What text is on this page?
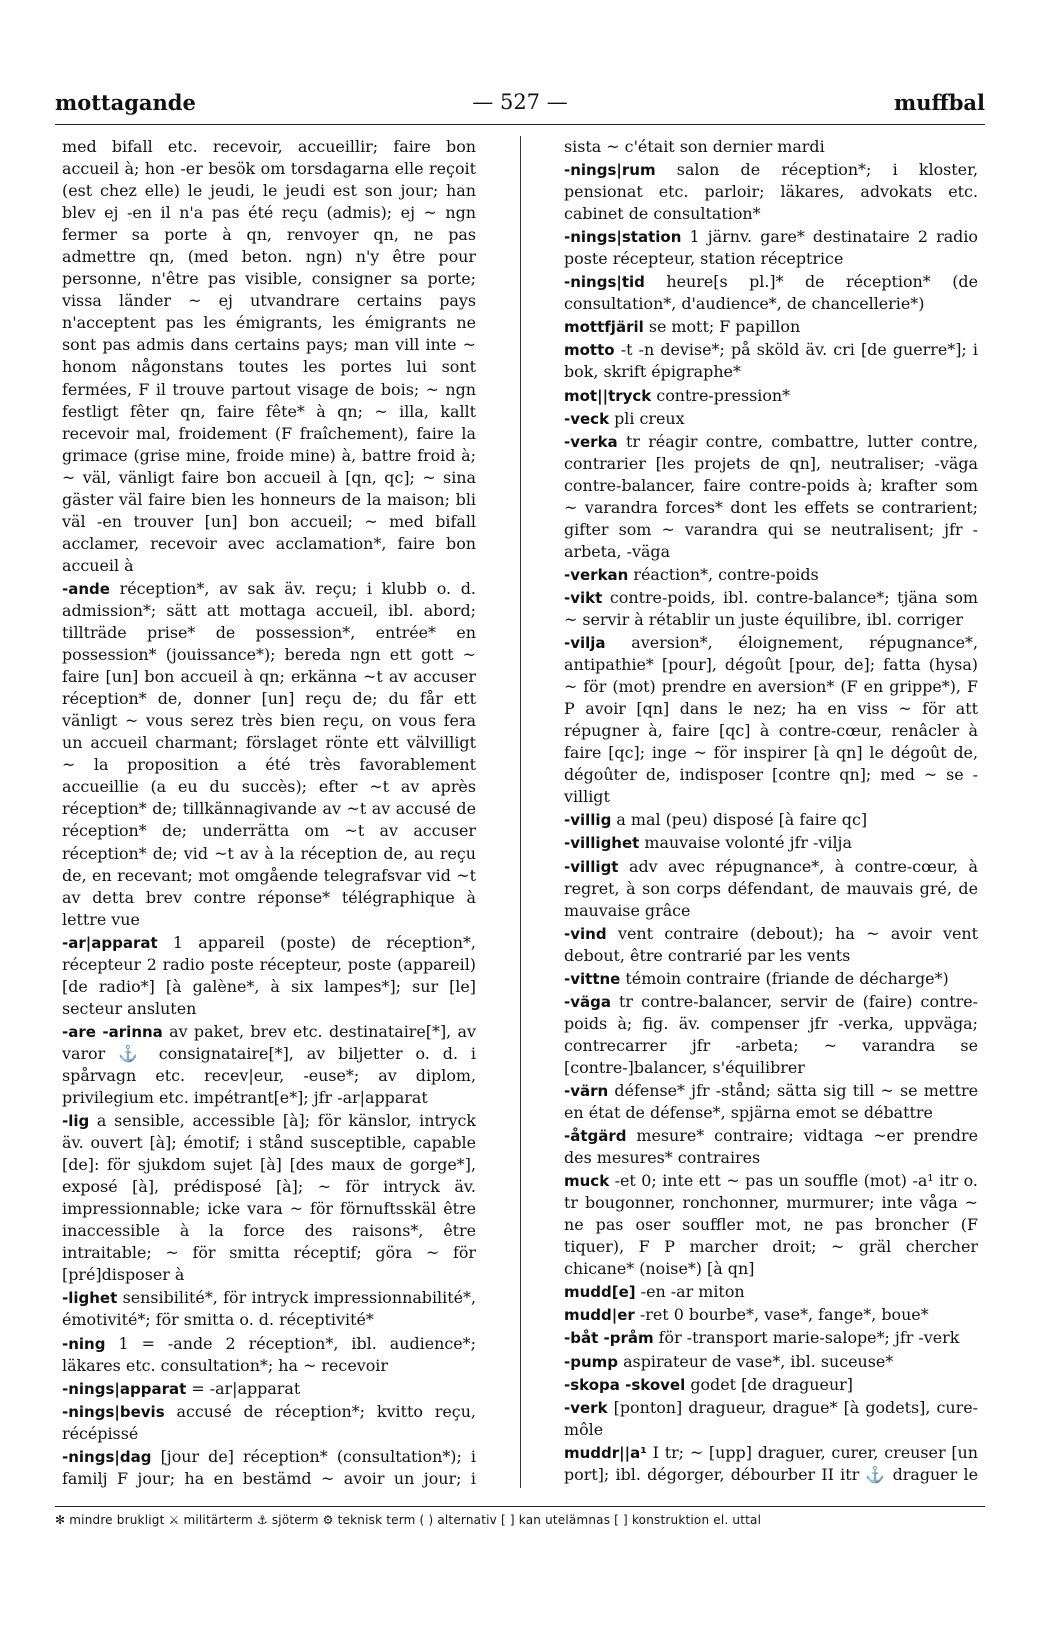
mottagande	— 527 —	muffbal

med bifall etc. recevoir, accueillir; faire bon accueil à; hon -er besök om torsdagarna elle reçoit (est chez elle) le jeudi, le jeudi est son jour; han blev ej -en il n'a pas été reçu (admis); ej ~ ngn fermer sa porte à qn, renvoyer qn, ne pas admettre qn, (med beton. ngn) n'y être pour personne, n'être pas visible, consigner sa porte; vissa länder ~ ej utvandrare certains pays n'acceptent pas les émigrants, les émigrants ne sont pas admis dans certains pays; man vill inte ~ honom någonstans toutes les portes lui sont fermées, F il trouve partout visage de bois; ~ ngn festligt fêter qn, faire fête* à qn; ~ illa, kallt recevoir mal, froidement (F fraîchement), faire la grimace (grise mine, froide mine) à, battre froid à; ~ väl, vänligt faire bon accueil à [qn, qc]; ~ sina gäster väl faire bien les honneurs de la maison; bli väl -en trouver [un] bon accueil; ~ med bifall acclamer, recevoir avec acclamation*, faire bon accueil à

-ande réception*, av sak äv. reçu; i klubb o. d. admission*; sätt att mottaga accueil, ibl. abord; tillträde prise* de possession*, entrée* en possession* (jouissance*); bereda ngn ett gott ~ faire [un] bon accueil à qn; erkänna ~t av accuser réception* de, donner [un] reçu de; du får ett vänligt ~ vous serez très bien reçu, on vous fera un accueil charmant; förslaget rönte ett välvilligt ~ la proposition a été très favorablement accueillie (a eu du succès); efter ~t av après réception* de; tillkännagivande av ~t av accusé de réception* de; underrätta om ~t av accuser réception* de; vid ~t av à la réception de, au reçu de, en recevant; mot omgående telegrafsvar vid ~t av detta brev contre réponse* télégraphique à lettre vue

-ar|apparat 1 appareil (poste) de réception*, récepteur 2 radio poste récepteur, poste (appareil) [de radio*] [à galène*, à six lampes*]; sur [le] secteur ansluten

-are -arinna av paket, brev etc. destinataire[*], av varor ⚓ consignataire[*], av biljetter o. d. i spårvagn etc. recev|eur, -euse*; av diplom, privilegium etc. impétrant[e*]; jfr -ar|apparat

-lig a sensible, accessible [à]; för känslor, intryck äv. ouvert [à]; émotif; i stånd susceptible, capable [de]: för sjukdom sujet [à] [des maux de gorge*], exposé [à], prédisposé [à]; ~ för intryck äv. impressionnable; icke vara ~ för förnuftsskäl être inaccessible à la force des raisons*, être intraitable; ~ för smitta réceptif; göra ~ för [pré]disposer à

-lighet sensibilité*, för intryck impressionnabilité*, émotivité*; för smitta o. d. réceptivité*

-ning 1 = -ande 2 réception*, ibl. audience*; läkares etc. consultation*; ha ~ recevoir

-nings|apparat = -ar|apparat

-nings|bevis accusé de réception*; kvitto reçu, récépissé

-nings|dag [jour de] réception* (consultation*); i familj F jour; ha en bestämd ~ avoir un jour; i

sista ~ c'était son dernier mardi

-nings|rum salon de réception*; i kloster, pensionat etc. parloir; läkares, advokats etc. cabinet de consultation*

-nings|station 1 järnv. gare* destinataire 2 radio poste récepteur, station réceptrice

-nings|tid heure[s pl.]* de réception* (de consultation*, d'audience*, de chancellerie*)

mottfjäril se mott; F papillon

motto -t -n devise*; på sköld äv. cri [de guerre*]; i bok, skrift épigraphe*

mot||tryck contre-pression*

-veck pli creux

-verka tr réagir contre, combattre, lutter contre, contrarier [les projets de qn], neutraliser; -väga contre-balancer, faire contre-poids à; krafter som ~ varandra forces* dont les effets se contrarient; gifter som ~ varandra qui se neutralisent; jfr -arbeta, -väga

-verkan réaction*, contre-poids

-vikt contre-poids, ibl. contre-balance*; tjäna som ~ servir à rétablir un juste équilibre, ibl. corriger

-vilja aversion*, éloignement, répugnance*, antipathie* [pour], dégoût [pour, de]; fatta (hysa) ~ för (mot) prendre en aversion* (F en grippe*), F P avoir [qn] dans le nez; ha en viss ~ för att répugner à, faire [qc] à contre-cœur, renâcler à faire [qc]; inge ~ för inspirer [à qn] le dégoût de, dégoûter de, indisposer [contre qn]; med ~ se -villigt

-villig a mal (peu) disposé [à faire qc]

-villighet mauvaise volonté jfr -vilja

-villigt adv avec répugnance*, à contre-cœur, à regret, à son corps défendant, de mauvais gré, de mauvaise grâce

-vind vent contraire (debout); ha ~ avoir vent debout, être contrarié par les vents

-vittne témoin contraire (friande de décharge*)

-väga tr contre-balancer, servir de (faire) contre-poids à; fig. äv. compenser jfr -verka, uppväga; contrecarrer jfr -arbeta; ~ varandra se [contre-]balancer, s'équilibrer

-värn défense* jfr -stånd; sätta sig till ~ se mettre en état de défense*, spjärna emot se débattre

-åtgärd mesure* contraire; vidtaga ~er prendre des mesures* contraires

muck -et 0; inte ett ~ pas un souffle (mot) -a¹ itr o. tr bougonner, ronchonner, murmurer; inte våga ~ ne pas oser souffler mot, ne pas broncher (F tiquer), F P marcher droit; ~ gräl chercher chicane* (noise*) [à qn]

mudd[e] -en -ar miton

mudd|er -ret 0 bourbe*, vase*, fange*, boue*

-båt -pråm för -transport marie-salope*; jfr -verk

-pump aspirateur de vase*, ibl. suceuse*

-skopa -skovel godet [de dragueur]

-verk [ponton] dragueur, drague* [à godets], cure-môle

muddr||a¹ I tr; ~ [upp] draguer, curer, creuser [un port]; ibl. dégorger, débourber II itr ⚓ draguer le

✻ mindre brukligt ⚔ militärterm ⚓ sjöterm ⚙ teknisk term ( ) alternativ [ ] kan utelämnas [ ] konstruktion el. uttal
